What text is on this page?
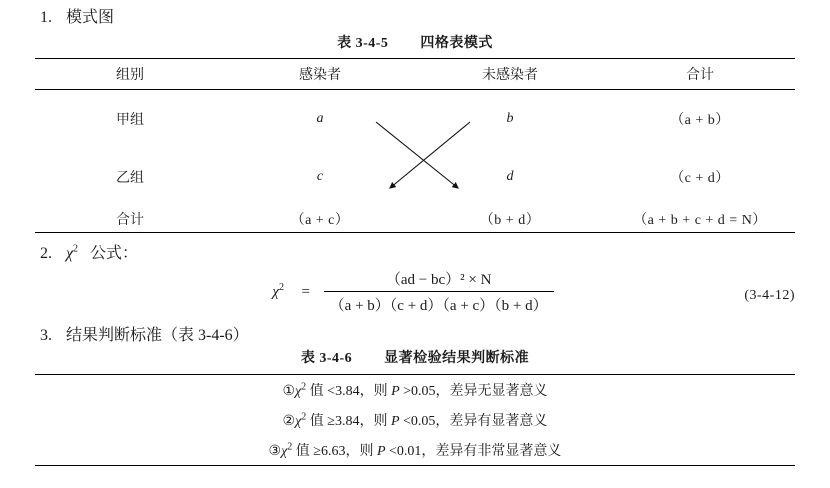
1. 模式图
表 3-4-5 四格表模式
组别	感染者	未感染者	合计
甲组	a	b	（a + b）
乙组	c	d	（c + d）
合计	（a + c）	（b + d）	（a + b + c + d = N）
2. $\chi^2$ 公式：
$\chi^2 = \frac{\text{（ad − bc）² × N}}{(a + b)(c + d)(a + c)(b + d)}$	(3-4-12)
3. 结果判断标准（表 3-4-6）
表 3-4-6 显著检验结果判断标准
$①\chi^2$ 值 <3.84，则 P >0.05，差异无显著意义
$②\chi^2$ 值 ≥3.84，则 P <0.05，差异有显著意义
$③\chi^2$ 值 ≥6.63，则 P <0.01，差异有非常显著意义
